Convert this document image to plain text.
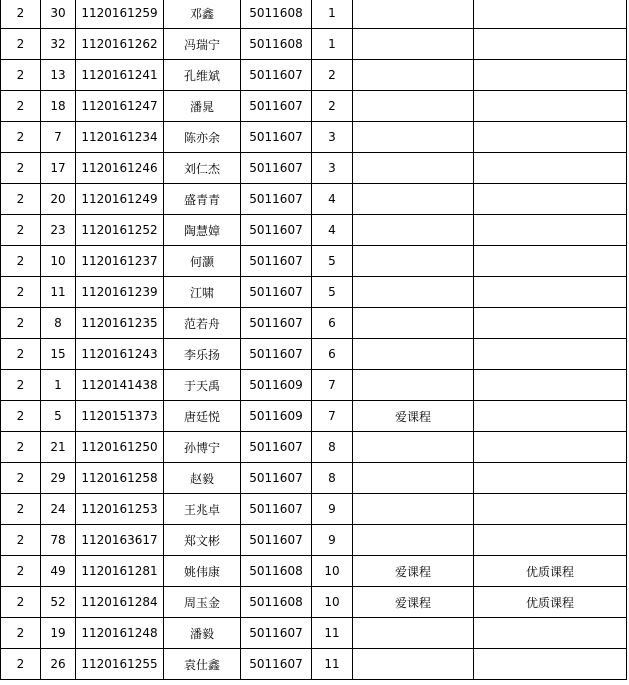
2	30	1120161259	邓鑫	5011608	1		
2	32	1120161262	冯瑞宁	5011608	1		
2	13	1120161241	孔维斌	5011607	2		
2	18	1120161247	潘晁	5011607	2		
2	7	1120161234	陈亦余	5011607	3		
2	17	1120161246	刘仁杰	5011607	3		
2	20	1120161249	盛青青	5011607	4		
2	23	1120161252	陶慧嫜	5011607	4		
2	10	1120161237	何灏	5011607	5		
2	11	1120161239	江啸	5011607	5		
2	8	1120161235	范若舟	5011607	6		
2	15	1120161243	李乐扬	5011607	6		
2	1	1120141438	于天禹	5011609	7		
2	5	1120151373	唐廷悦	5011609	7	爱课程	
2	21	1120161250	孙博宁	5011607	8		
2	29	1120161258	赵毅	5011607	8		
2	24	1120161253	王兆卓	5011607	9		
2	78	1120163617	郑文彬	5011607	9		
2	49	1120161281	姚伟康	5011608	10	爱课程	优质课程
2	52	1120161284	周玉金	5011608	10	爱课程	优质课程
2	19	1120161248	潘毅	5011607	11		
2	26	1120161255	袁仕鑫	5011607	11		
